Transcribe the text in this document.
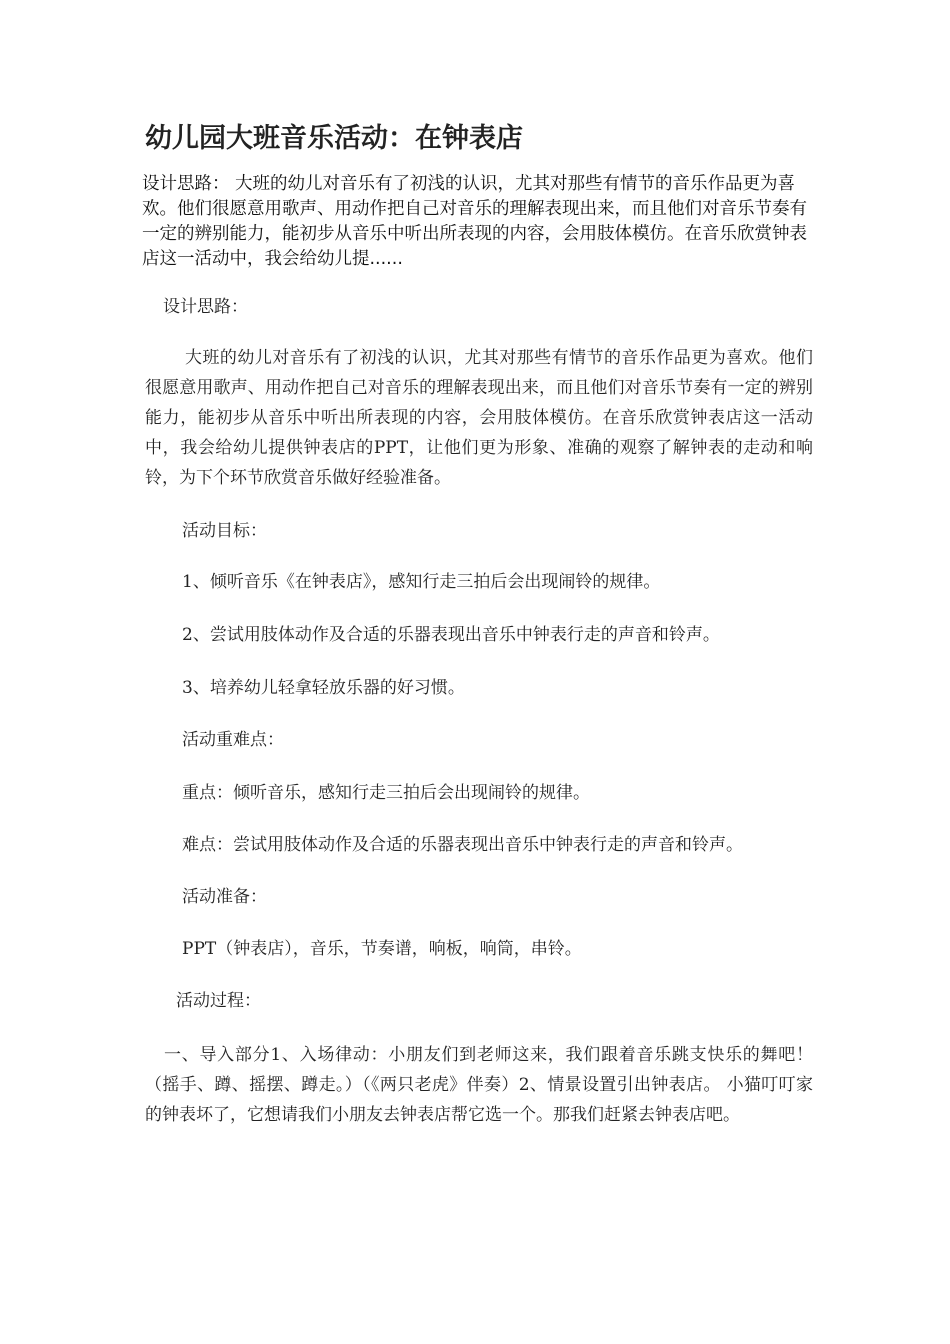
幼儿园大班音乐活动：在钟表店

设计思路： 大班的幼儿对音乐有了初浅的认识，尤其对那些有情节的音乐作品更为喜欢。他们很愿意用歌声、用动作把自己对音乐的理解表现出来，而且他们对音乐节奏有一定的辨别能力，能初步从音乐中听出所表现的内容，会用肢体模仿。在音乐欣赏钟表店这一活动中，我会给幼儿提......

设计思路：

大班的幼儿对音乐有了初浅的认识，尤其对那些有情节的音乐作品更为喜欢。他们很愿意用歌声、用动作把自己对音乐的理解表现出来，而且他们对音乐节奏有一定的辨别能力，能初步从音乐中听出所表现的内容，会用肢体模仿。在音乐欣赏钟表店这一活动中，我会给幼儿提供钟表店的PPT，让他们更为形象、准确的观察了解钟表的走动和响铃，为下个环节欣赏音乐做好经验准备。

活动目标：

1、倾听音乐《在钟表店》，感知行走三拍后会出现闹铃的规律。

2、尝试用肢体动作及合适的乐器表现出音乐中钟表行走的声音和铃声。

3、培养幼儿轻拿轻放乐器的好习惯。

活动重难点：

重点：倾听音乐，感知行走三拍后会出现闹铃的规律。

难点：尝试用肢体动作及合适的乐器表现出音乐中钟表行走的声音和铃声。

活动准备：

PPT（钟表店），音乐，节奏谱，响板，响筒，串铃。

活动过程：

一、导入部分1、入场律动：小朋友们到老师这来，我们跟着音乐跳支快乐的舞吧！（摇手、蹲、摇摆、蹲走。）（《两只老虎》伴奏）2、情景设置引出钟表店。 小猫叮叮家的钟表坏了，它想请我们小朋友去钟表店帮它选一个。那我们赶紧去钟表店吧。
